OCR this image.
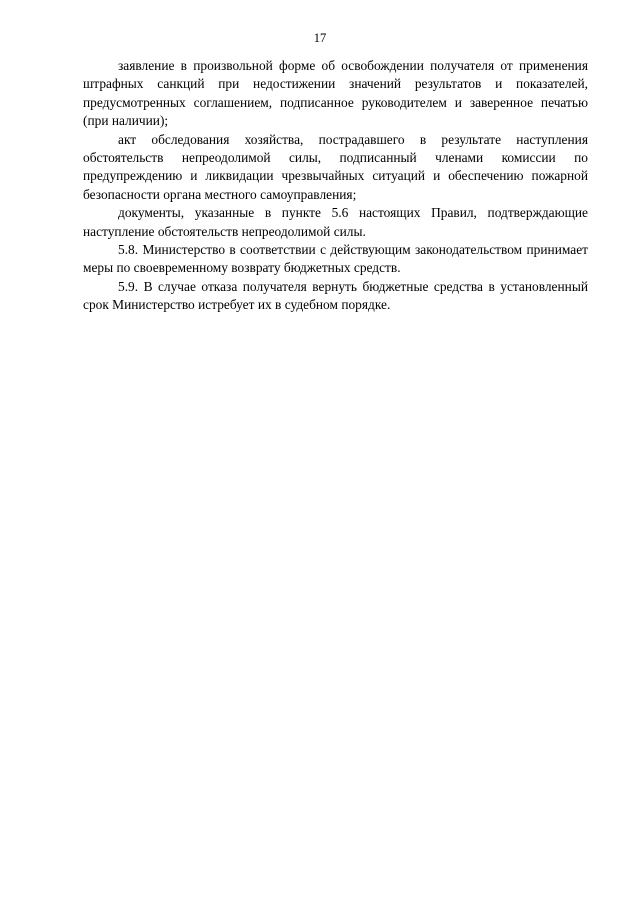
17

заявление в произвольной форме об освобождении получателя от применения штрафных санкций при недостижении значений результатов и показателей, предусмотренных соглашением, подписанное руководителем и заверенное печатью (при наличии);

акт обследования хозяйства, пострадавшего в результате наступления обстоятельств непреодолимой силы, подписанный членами комиссии по предупреждению и ликвидации чрезвычайных ситуаций и обеспечению пожарной безопасности органа местного самоуправления;

документы, указанные в пункте 5.6 настоящих Правил, подтверждающие наступление обстоятельств непреодолимой силы.

5.8. Министерство в соответствии с действующим законодательством принимает меры по своевременному возврату бюджетных средств.

5.9. В случае отказа получателя вернуть бюджетные средства в установленный срок Министерство истребует их в судебном порядке.
